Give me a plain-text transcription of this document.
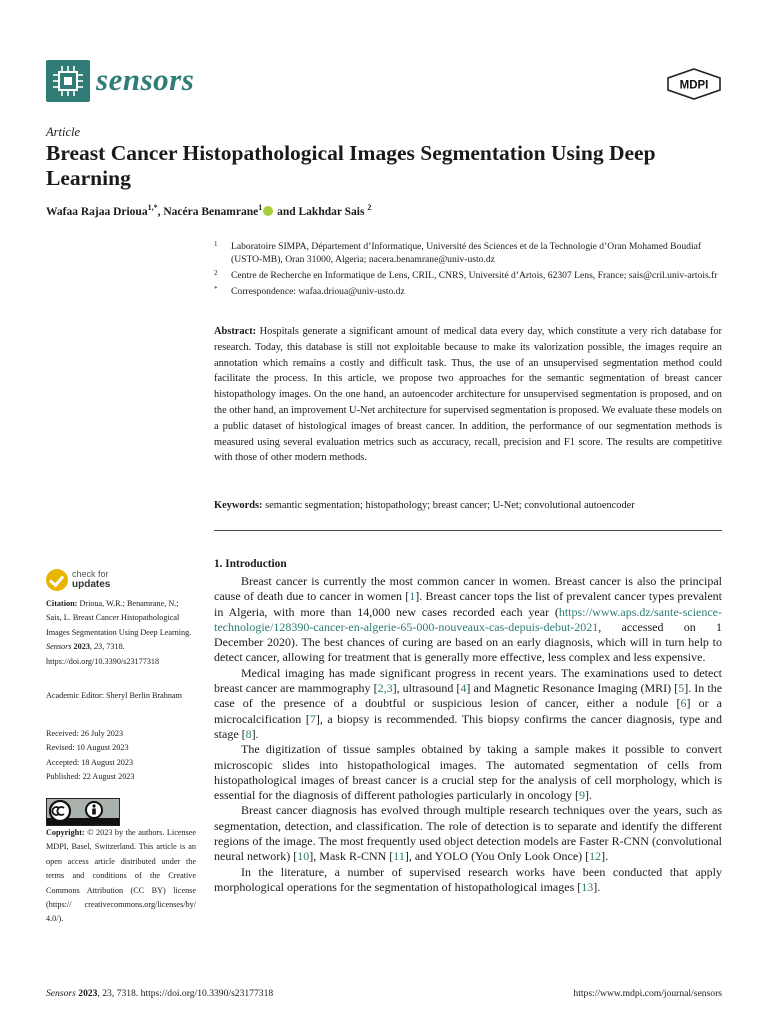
sensors	MDPI
Article
Breast Cancer Histopathological Images Segmentation Using Deep Learning
Wafaa Rajaa Drioua$^{1,*}$, Nacéra Benamrane$^1$ and Lakhdar Sais $^2$
1 Laboratoire SIMPA, Département d’Informatique, Université des Sciences et de la Technologie d’Oran Mohamed Boudiaf (USTO-MB), Oran 31000, Algeria; nacera.benamrane@univ-usto.dz
2 Centre de Recherche en Informatique de Lens, CRIL, CNRS, Université d’Artois, 62307 Lens, France; sais@cril.univ-artois.fr
* Correspondence: wafaa.drioua@univ-usto.dz
Abstract: Hospitals generate a significant amount of medical data every day, which constitute a very rich database for research. Today, this database is still not exploitable because to make its valorization possible, the images require an annotation which remains a costly and difficult task. Thus, the use of an unsupervised segmentation method could facilitate the process. In this article, we propose two approaches for the semantic segmentation of breast cancer histopathology images. On the one hand, an autoencoder architecture for unsupervised segmentation is proposed, and on the other hand, an improvement U-Net architecture for supervised segmentation is proposed. We evaluate these models on a public dataset of histological images of breast cancer. In addition, the performance of our segmentation methods is measured using several evaluation metrics such as accuracy, recall, precision and F1 score. The results are competitive with those of other modern methods.
Keywords: semantic segmentation; histopathology; breast cancer; U-Net; convolutional autoencoder
check for
updates
Citation: Drioua, W.R.; Benamrane, N.; Sais, L. Breast Cancer Histopathological Images Segmentation Using Deep Learning. Sensors 2023, 23, 7318. https://doi.org/10.3390/s23177318
Academic Editor: Sheryl Berlin Brahnam
Received: 26 July 2023
Revised: 10 August 2023
Accepted: 18 August 2023
Published: 22 August 2023
Copyright: © 2023 by the authors. Licensee MDPI, Basel, Switzerland. This article is an open access article distributed under the terms and conditions of the Creative Commons Attribution (CC BY) license (https:// creativecommons.org/licenses/by/ 4.0/).
1. Introduction

Breast cancer is currently the most common cancer in women. Breast cancer is also the principal cause of death due to cancer in women [1]. Breast cancer tops the list of prevalent cancer types prevalent in Algeria, with more than 14,000 new cases recorded each year (https://www.aps.dz/sante-science-technologie/128390-cancer-en-algerie-65-000-nouveaux-cas-depuis-debut-2021, accessed on 1 December 2020). The best chances of curing are based on an early diagnosis, which will in turn help to detect cancer, allowing for treatment that is generally more effective, less complex and less expensive.

Medical imaging has made significant progress in recent years. The examinations used to detect breast cancer are mammography [2,3], ultrasound [4] and Magnetic Resonance Imaging (MRI) [5]. In the case of the presence of a doubtful or suspicious lesion of cancer, either a nodule [6] or a microcalcification [7], a biopsy is recommended. This biopsy confirms the cancer diagnosis, type and stage [8].

The digitization of tissue samples obtained by taking a sample makes it possible to convert microscopic slides into histopathological images. The automated segmentation of cells from histopathological images of breast cancer is a crucial step for the analysis of cell morphology, which is essential for the diagnosis of different pathologies particularly in oncology [9].

Breast cancer diagnosis has evolved through multiple research techniques over the years, such as segmentation, detection, and classification. The role of detection is to separate and identify the different regions of the image. The most frequently used object detection models are Faster R-CNN (convolutional neural network) [10], Mask R-CNN [11], and YOLO (You Only Look Once) [12].

In the literature, a number of supervised research works have been conducted that apply morphological operations for the segmentation of histopathological images [13].

Sensors 2023, 23, 7318. https://doi.org/10.3390/s23177318	https://www.mdpi.com/journal/sensors
